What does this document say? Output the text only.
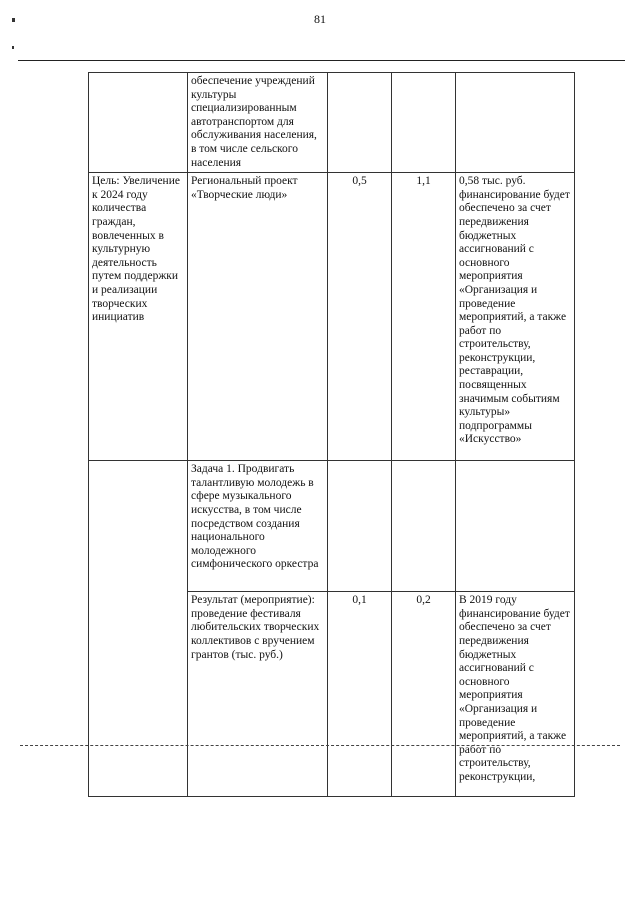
81
	обеспечение учреждений культуры специализированным автотранспортом для обслуживания населения, в том числе сельского населения			
Цель: Увеличение к 2024 году количества граждан, вовлеченных в культурную деятельность путем поддержки и реализации творческих инициатив	Региональный проект «Творческие люди»	0,5	1,1	0,58 тыс. руб. финансирование будет обеспечено за счет передвижения бюджетных ассигнований с основного мероприятия «Организация и проведение мероприятий, а также работ по строительству, реконструкции, реставрации, посвященных значимым событиям культуры» подпрограммы «Искусство»
	Задача 1. Продвигать талантливую молодежь в сфере музыкального искусства, в том числе посредством создания национального молодежного симфонического оркестра			
	Результат (мероприятие): проведение фестиваля любительских творческих коллективов с вручением грантов (тыс. руб.)	0,1	0,2	В 2019 году финансирование будет обеспечено за счет передвижения бюджетных ассигнований с основного мероприятия «Организация и проведение мероприятий, а также работ по строительству, реконструкции,
